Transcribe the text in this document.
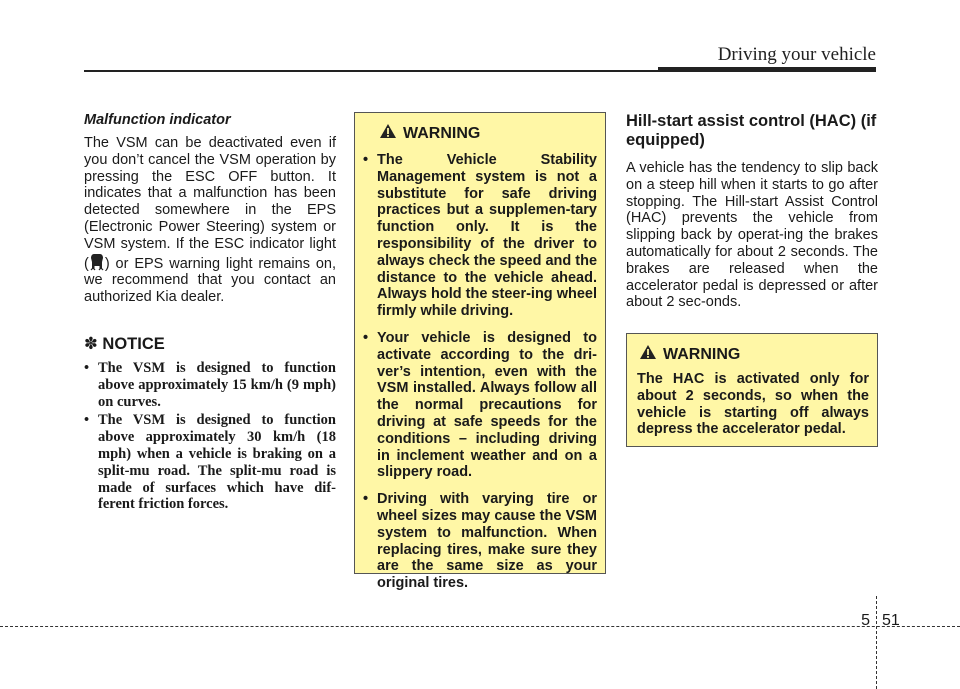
Driving your vehicle

Malfunction indicator

The VSM can be deactivated even if you don’t cancel the VSM operation by pressing the ESC OFF button. It indicates that a malfunction has been detected somewhere in the EPS (Electronic Power Steering) system or VSM system. If the ESC indicator light ( ) or EPS warning light remains on, we recommend that you contact an authorized Kia dealer.

✽ NOTICE
• The VSM is designed to function above approximately 15 km/h (9 mph) on curves.
• The VSM is designed to function above approximately 30 km/h (18 mph) when a vehicle is braking on a split-mu road. The split-mu road is made of surfaces which have dif-ferent friction forces.
WARNING
• The Vehicle Stability Management system is not a substitute for safe driving practices but a supplemen-tary function only. It is the responsibility of the driver to always check the speed and the distance to the vehicle ahead. Always hold the steer-ing wheel firmly while driving.
• Your vehicle is designed to activate according to the dri-ver’s intention, even with the VSM installed. Always follow all the normal precautions for driving at safe speeds for the conditions – including driving in inclement weather and on a slippery road.
• Driving with varying tire or wheel sizes may cause the VSM system to malfunction. When replacing tires, make sure they are the same size as your original tires.
Hill-start assist control (HAC) (if equipped)

A vehicle has the tendency to slip back on a steep hill when it starts to go after stopping. The Hill-start Assist Control (HAC) prevents the vehicle from slipping back by operat-ing the brakes automatically for about 2 seconds. The brakes are released when the accelerator pedal is depressed or after about 2 sec-onds.

WARNING

The HAC is activated only for about 2 seconds, so when the vehicle is starting off always depress the accelerator pedal.

5 51
